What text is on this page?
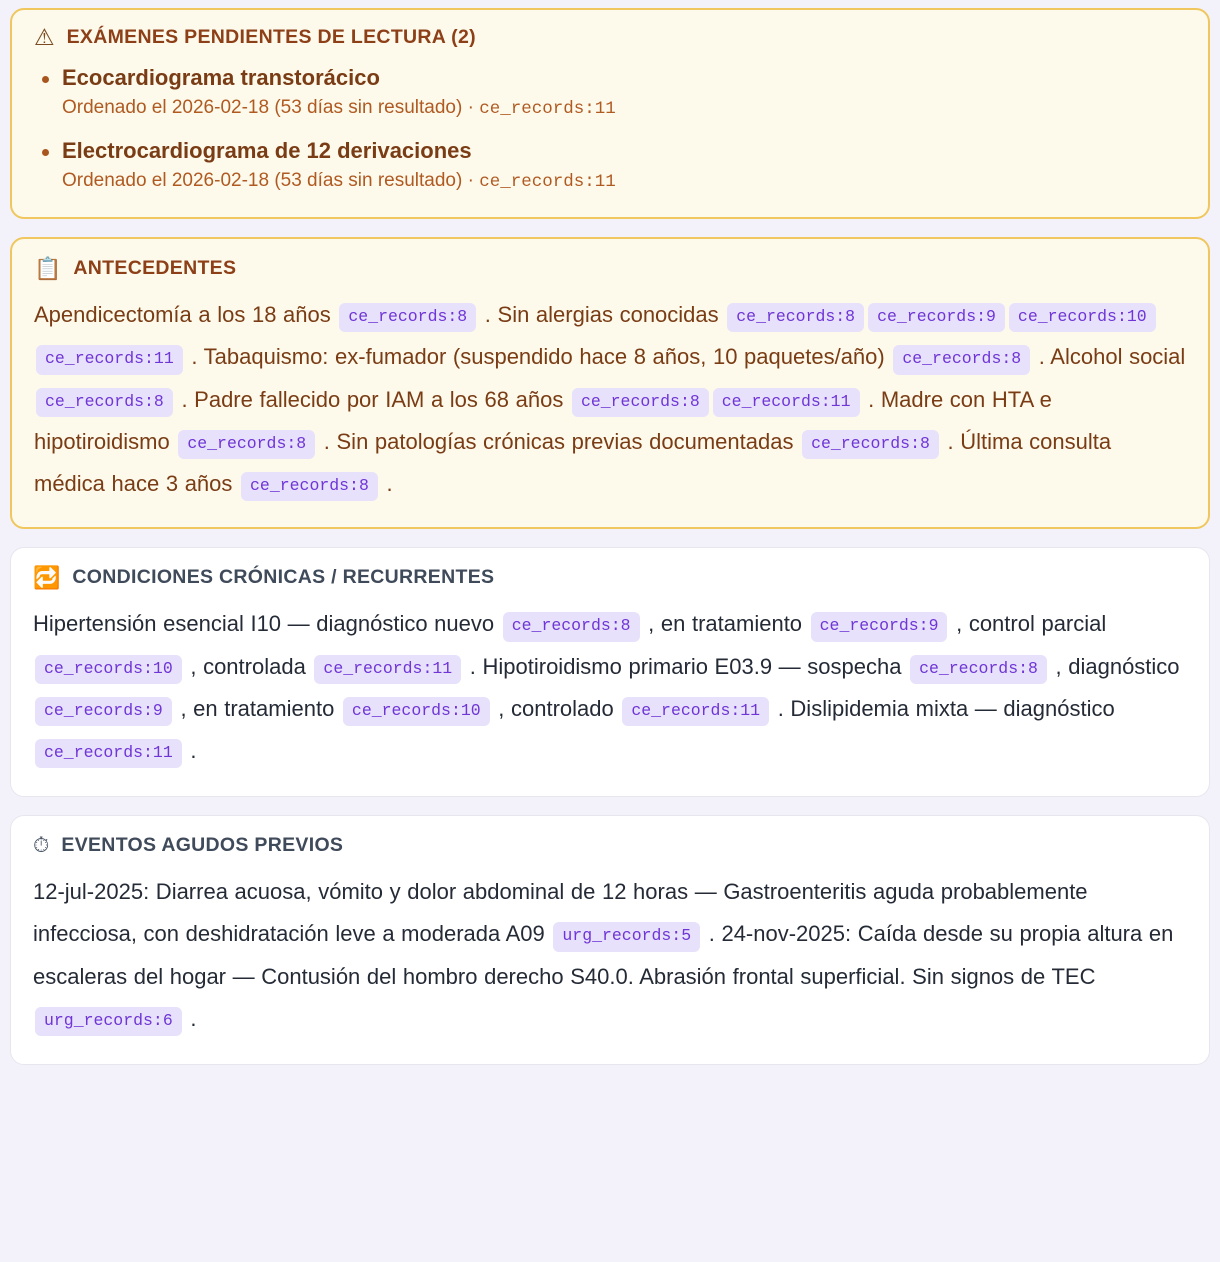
⚠ EXÁMENES PENDIENTES DE LECTURA (2)
Ecocardiograma transtorácico
Ordenado el 2026-02-18 (53 días sin resultado) · ce_records:11
Electrocardiograma de 12 derivaciones
Ordenado el 2026-02-18 (53 días sin resultado) · ce_records:11
📋 ANTECEDENTES
Apendicectomía a los 18 años ce_records:8 . Sin alergias conocidas ce_records:8 ce_records:9 ce_records:10ce_records:11 . Tabaquismo: ex-fumador (suspendido hace 8 años, 10 paquetes/año) ce_records:8 . Alcohol social ce_records:8 . Padre fallecido por IAM a los 68 años ce_records:8 ce_records:11 . Madre con HTA e hipotiroidismo ce_records:8 . Sin patologías crónicas previas documentadas ce_records:8 . Última consulta médica hace 3 años ce_records:8 .
🔁 CONDICIONES CRÓNICAS / RECURRENTES
Hipertensión esencial I10 — diagnóstico nuevo ce_records:8 , en tratamiento ce_records:9 , control parcial ce_records:10 , controlada ce_records:11 . Hipotiroidismo primario E03.9 — sospecha ce_records:8 , diagnóstico ce_records:9 , en tratamiento ce_records:10 , controlado ce_records:11 . Dislipidemia mixta — diagnóstico ce_records:11 .
⏱ EVENTOS AGUDOS PREVIOS
12-jul-2025: Diarrea acuosa, vómito y dolor abdominal de 12 horas — Gastroenteritis aguda probablemente infecciosa, con deshidratación leve a moderada A09 urg_records:5 . 24-nov-2025: Caída desde su propia altura en escaleras del hogar — Contusión del hombro derecho S40.0. Abrasión frontal superficial. Sin signos de TEC urg_records:6 .
